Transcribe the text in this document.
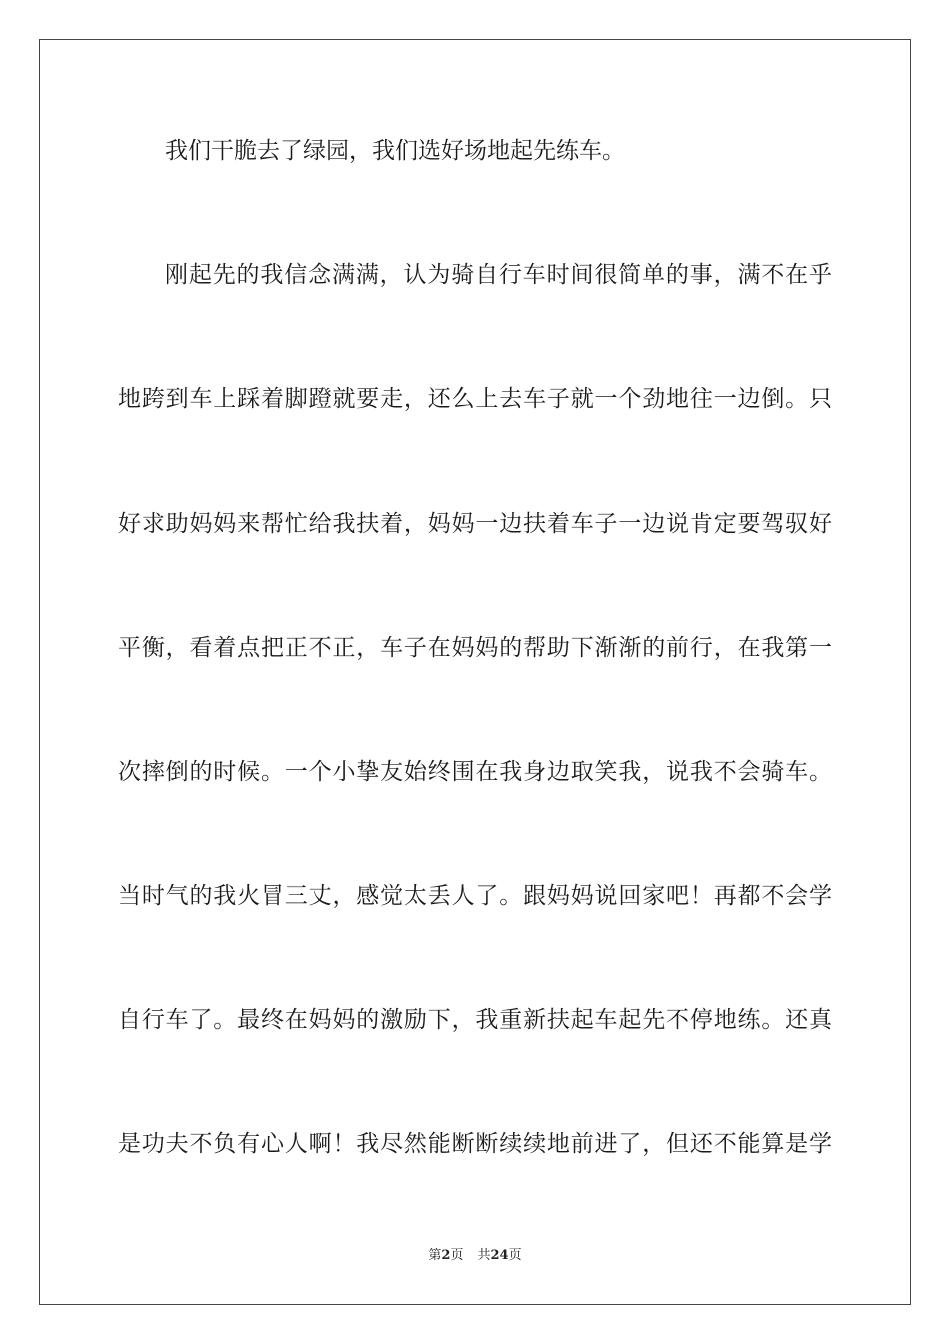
我们干脆去了绿园，我们选好场地起先练车。
刚起先的我信念满满，认为骑自行车时间很简单的事，满不在乎
地跨到车上踩着脚蹬就要走，还么上去车子就一个劲地往一边倒。只
好求助妈妈来帮忙给我扶着，妈妈一边扶着车子一边说肯定要驾驭好
平衡，看着点把正不正，车子在妈妈的帮助下渐渐的前行，在我第一
次摔倒的时候。一个小挚友始终围在我身边取笑我，说我不会骑车。
当时气的我火冒三丈，感觉太丢人了。跟妈妈说回家吧！再都不会学
自行车了。最终在妈妈的激励下，我重新扶起车起先不停地练。还真
是功夫不负有心人啊！我尽然能断断续续地前进了，但还不能算是学
第2页 共24页
